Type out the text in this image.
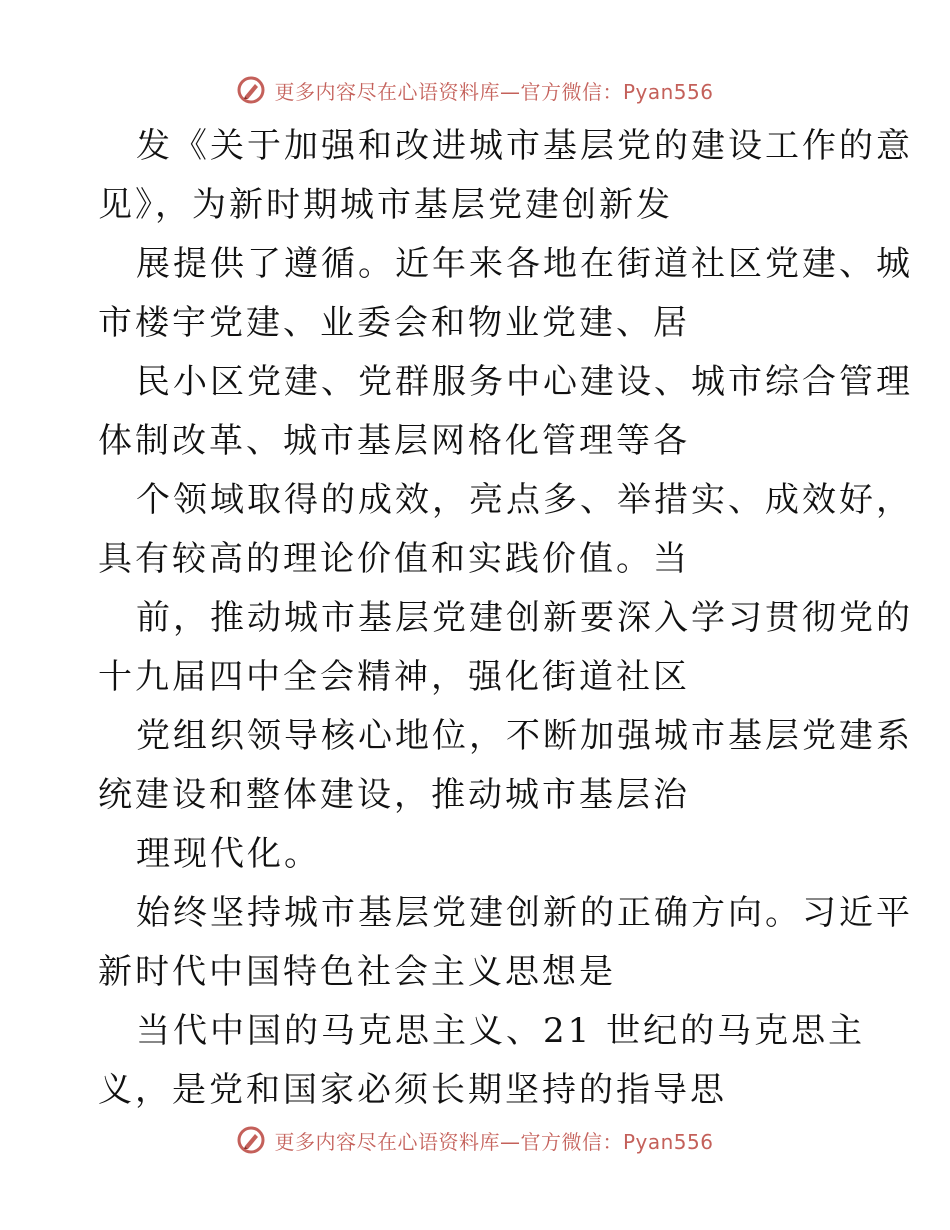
更多内容尽在心语资料库—官方微信：Pyan556
发《关于加强和改进城市基层党的建设工作的意
见》，为新时期城市基层党建创新发
展提供了遵循。近年来各地在街道社区党建、城
市楼宇党建、业委会和物业党建、居
民小区党建、党群服务中心建设、城市综合管理
体制改革、城市基层网格化管理等各
个领域取得的成效，亮点多、举措实、成效好，
具有较高的理论价值和实践价值。当
前，推动城市基层党建创新要深入学习贯彻党的
十九届四中全会精神，强化街道社区
党组织领导核心地位，不断加强城市基层党建系
统建设和整体建设，推动城市基层治
理现代化。
始终坚持城市基层党建创新的正确方向。习近平
新时代中国特色社会主义思想是
当代中国的马克思主义、21 世纪的马克思主
义，是党和国家必须长期坚持的指导思
更多内容尽在心语资料库—官方微信：Pyan556
